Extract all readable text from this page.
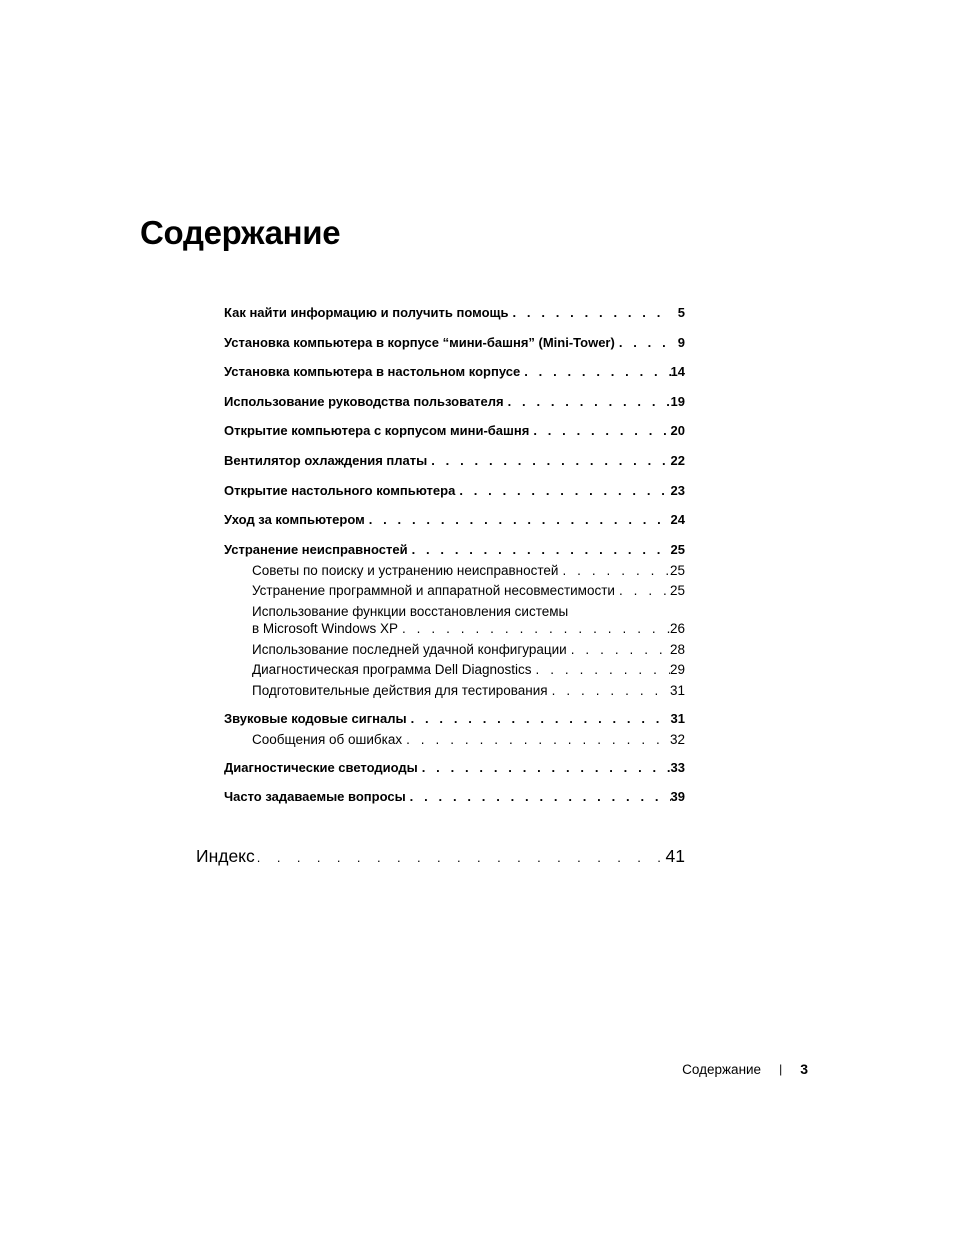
Содержание
Как найти информацию и получить помощь . . .	5
Установка компьютера в корпусе “мини-башня” (Mini-Tower) . . .	9
Установка компьютера в настольном корпусе . . .	14
Использование руководства пользователя . . .	19
Открытие компьютера с корпусом мини-башня . . .	20
Вентилятор охлаждения платы . . .	22
Открытие настольного компьютера . . .	23
Уход за компьютером . . .	24
Устранение неисправностей . . .	25
Советы по поиску и устранению неисправностей . . .	25
Устранение программной и аппаратной несовместимости . . .	25
Использование функции восстановления системы
в Microsoft Windows XP . . .	26
Использование последней удачной конфигурации . . .	28
Диагностическая программа Dell Diagnostics . . .	29
Подготовительные действия для тестирования . . .	31
Звуковые кодовые сигналы . . .	31
Сообщения об ошибках . . .	32
Диагностические светодиоды . . .	33
Часто задаваемые вопросы . . .	39
Индекс . . .	41
Содержание | 3
